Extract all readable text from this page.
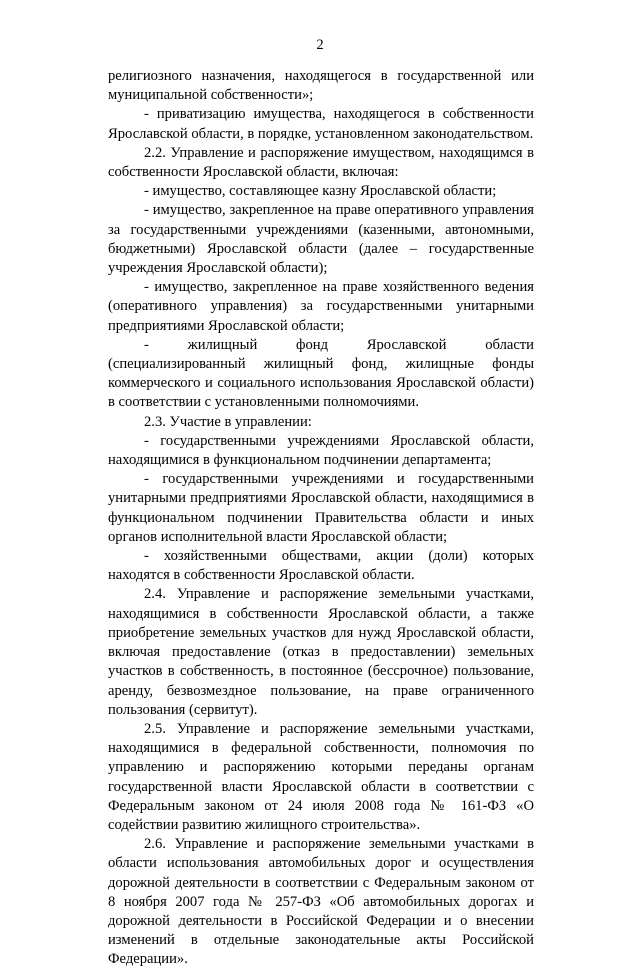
2

религиозного назначения, находящегося в государственной или муниципальной собственности»;

- приватизацию имущества, находящегося в собственности Ярославской области, в порядке, установленном законодательством.

2.2. Управление и распоряжение имуществом, находящимся в собственности Ярославской области, включая:

- имущество, составляющее казну Ярославской области;

- имущество, закрепленное на праве оперативного управления за государственными учреждениями (казенными, автономными, бюджетными) Ярославской области (далее – государственные учреждения Ярославской области);

- имущество, закрепленное на праве хозяйственного ведения (оперативного управления) за государственными унитарными предприятиями Ярославской области;

- жилищный фонд Ярославской области (специализированный жилищный фонд, жилищные фонды коммерческого и социального использования Ярославской области) в соответствии с установленными полномочиями.

2.3. Участие в управлении:

- государственными учреждениями Ярославской области, находящимися в функциональном подчинении департамента;

- государственными учреждениями и государственными унитарными предприятиями Ярославской области, находящимися в функциональном подчинении Правительства области и иных органов исполнительной власти Ярославской области;

- хозяйственными обществами, акции (доли) которых находятся в собственности Ярославской области.

2.4. Управление и распоряжение земельными участками, находящимися в собственности Ярославской области, а также приобретение земельных участков для нужд Ярославской области, включая предоставление (отказ в предоставлении) земельных участков в собственность, в постоянное (бессрочное) пользование, аренду, безвозмездное пользование, на праве ограниченного пользования (сервитут).

2.5. Управление и распоряжение земельными участками, находящимися в федеральной собственности, полномочия по управлению и распоряжению которыми переданы органам государственной власти Ярославской области в соответствии с Федеральным законом от 24 июля 2008 года № 161-ФЗ «О содействии развитию жилищного строительства».

2.6. Управление и распоряжение земельными участками в области использования автомобильных дорог и осуществления дорожной деятельности в соответствии с Федеральным законом от 8 ноября 2007 года № 257-ФЗ «Об автомобильных дорогах и дорожной деятельности в Российской Федерации и о внесении изменений в отдельные законодательные акты Российской Федерации».
